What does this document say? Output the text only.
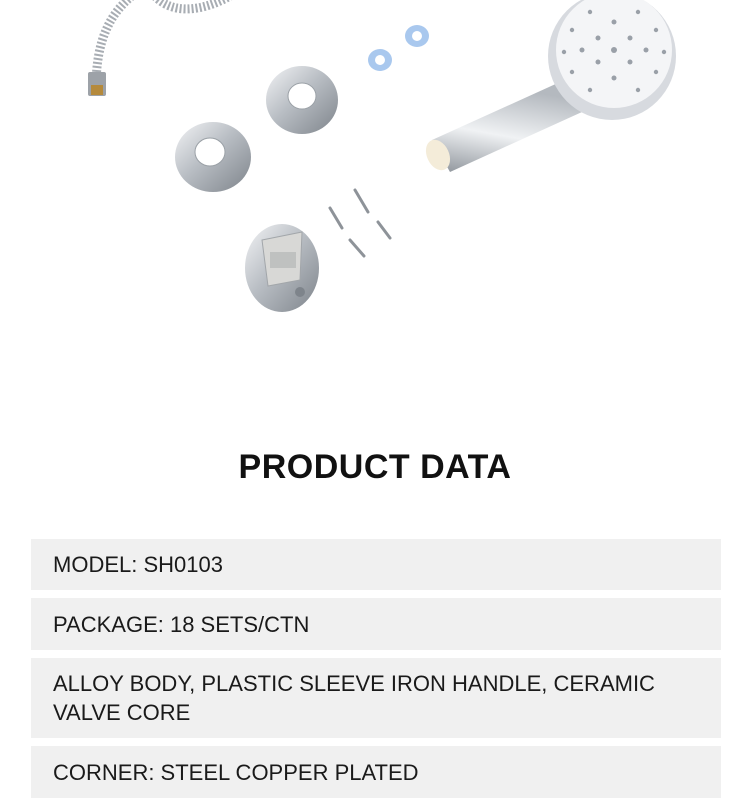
PRODUCT DATA
MODEL: SH0103
PACKAGE: 18 SETS/CTN
ALLOY BODY, PLASTIC SLEEVE IRON HANDLE, CERAMIC VALVE CORE
CORNER: STEEL COPPER PLATED
